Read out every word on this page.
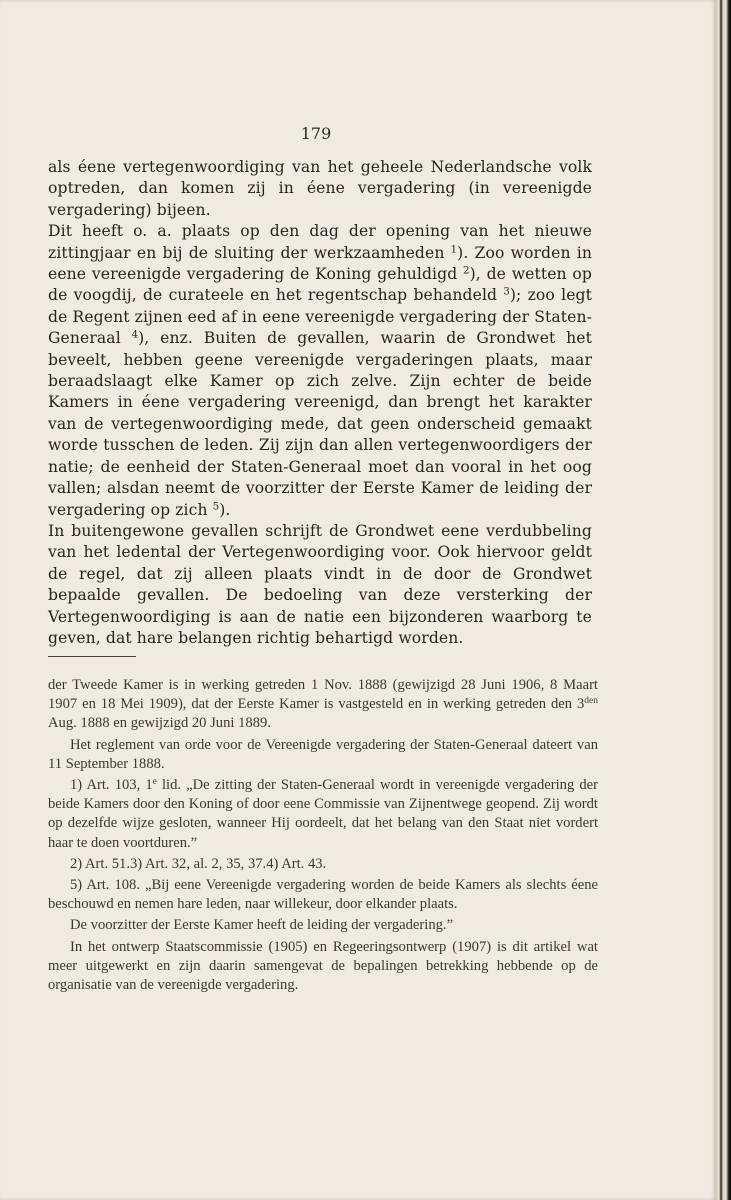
179

als éene vertegenwoordiging van het geheele Nederlandsche volk optreden, dan komen zij in éene vergadering (in vereenigde vergadering) bijeen.

Dit heeft o. a. plaats op den dag der opening van het nieuwe zittingjaar en bij de sluiting der werkzaamheden $^1$). Zoo worden in eene vereenigde vergadering de Koning gehuldigd $^2$), de wetten op de voogdij, de curateele en het regentschap behandeld $^3$); zoo legt de Regent zijnen eed af in eene vereenigde vergadering der Staten-Generaal $^4$), enz. Buiten de gevallen, waarin de Grondwet het beveelt, hebben geene vereenigde vergaderingen plaats, maar beraadslaagt elke Kamer op zich zelve. Zijn echter de beide Kamers in éene vergadering vereenigd, dan brengt het karakter van de vertegenwoordiging mede, dat geen onderscheid gemaakt worde tusschen de leden. Zij zijn dan allen vertegenwoordigers der natie; de eenheid der Staten-Generaal moet dan vooral in het oog vallen; alsdan neemt de voorzitter der Eerste Kamer de leiding der vergadering op zich $^5$).

In buitengewone gevallen schrijft de Grondwet eene verdubbeling van het ledental der Vertegenwoordiging voor. Ook hiervoor geldt de regel, dat zij alleen plaats vindt in de door de Grondwet bepaalde gevallen. De bedoeling van deze versterking der Vertegenwoordiging is aan de natie een bijzonderen waarborg te geven, dat hare belangen richtig behartigd worden.

der Tweede Kamer is in werking getreden 1 Nov. 1888 (gewijzigd 28 Juni 1906, 8 Maart 1907 en 18 Mei 1909), dat der Eerste Kamer is vastgesteld en in werking getreden den $3^{den}$ Aug. 1888 en gewijzigd 20 Juni 1889.

Het reglement van orde voor de Vereenigde vergadering der Staten-Generaal dateert van 11 September 1888.

1) Art. 103, 1e lid. „De zitting der Staten-Generaal wordt in vereenigde vergadering der beide Kamers door den Koning of door eene Commissie van Zijnentwege geopend. Zij wordt op dezelfde wijze gesloten, wanneer Hij oordeelt, dat het belang van den Staat niet vordert haar te doen voortduren.”

2) Art. 51.3) Art. 32, al. 2, 35, 37.4) Art. 43.

5) Art. 108. „Bij eene Vereenigde vergadering worden de beide Kamers als slechts éene beschouwd en nemen hare leden, naar willekeur, door elkander plaats.

De voorzitter der Eerste Kamer heeft de leiding der vergadering.”

In het ontwerp Staatscommissie (1905) en Regeeringsontwerp (1907) is dit artikel wat meer uitgewerkt en zijn daarin samengevat de bepalingen betrekking hebbende op de organisatie van de vereenigde vergadering.
